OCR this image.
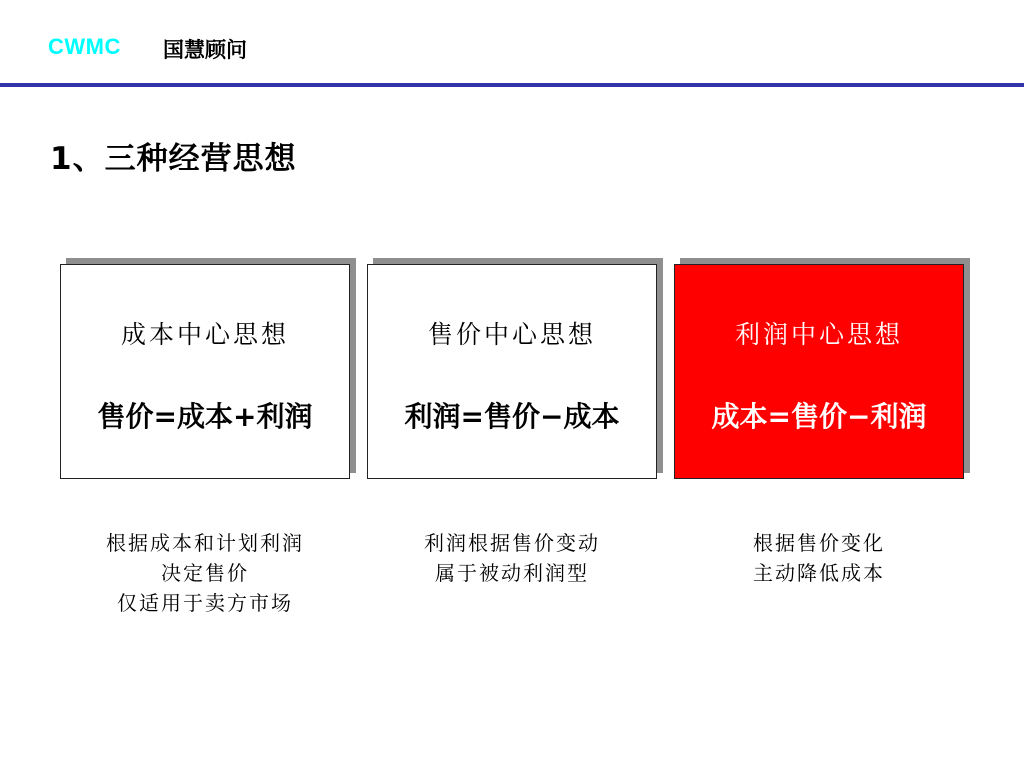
CWMC 国慧顾问
1、三种经营思想
成本中心思想
售价=成本+利润
售价中心思想
利润=售价−成本
利润中心思想
成本=售价−利润
根据成本和计划利润
决定售价
仅适用于卖方市场
利润根据售价变动
属于被动利润型
根据售价变化
主动降低成本
